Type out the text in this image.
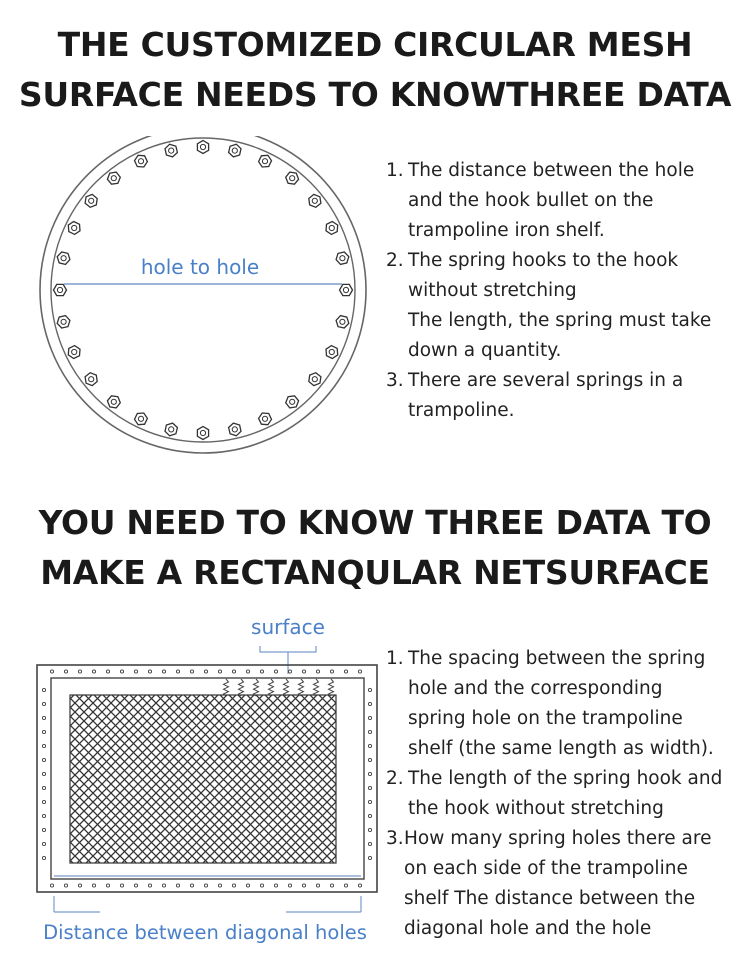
THE CUSTOMIZED CIRCULAR MESH
SURFACE NEEDS TO KNOWTHREE DATA
hole to hole
1. The distance between the hole
and the hook bullet on the
trampoline iron shelf.
2. The spring hooks to the hook
without stretching
The length, the spring must take
down a quantity.
3. There are several springs in a
trampoline.
YOU NEED TO KNOW THREE DATA TO
MAKE A RECTANQULAR NETSURFACE
surface
Distance between diagonal holes
1. The spacing between the spring
hole and the corresponding
spring hole on the trampoline
shelf (the same length as width).
2. The length of the spring hook and
the hook without stretching
3. How many spring holes there are
on each side of the trampoline
shelf The distance between the
diagonal hole and the hole
